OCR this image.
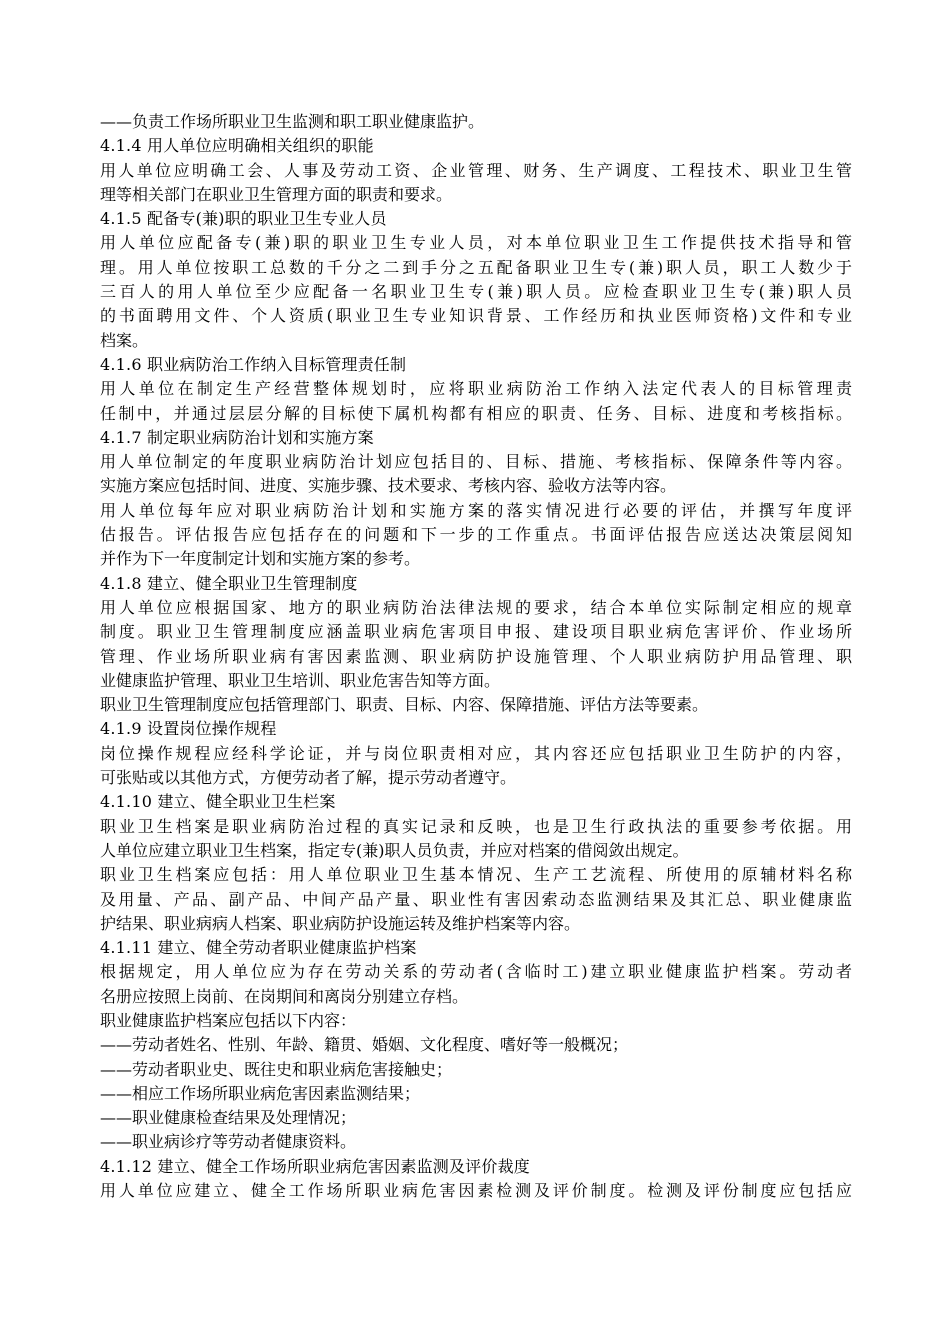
——负责工作场所职业卫生监测和职工职业健康监护。
4.1.4 用人单位应明确相关组织的职能
用人单位应明确工会、人事及劳动工资、企业管理、财务、生产调度、工程技术、职业卫生管
理等相关部门在职业卫生管理方面的职责和要求。
4.1.5 配备专(兼)职的职业卫生专业人员
用人单位应配备专(兼)职的职业卫生专业人员，对本单位职业卫生工作提供技术指导和管
理。用人单位按职工总数的千分之二到手分之五配备职业卫生专(兼)职人员，职工人数少于
三百人的用人单位至少应配备一名职业卫生专(兼)职人员。应检查职业卫生专(兼)职人员
的书面聘用文件、个人资质(职业卫生专业知识背景、工作经历和执业医师资格)文件和专业
档案。
4.1.6 职业病防治工作纳入目标管理责任制
用人单位在制定生产经营整体规划时，应将职业病防治工作纳入法定代表人的目标管理责
任制中，并通过层层分解的目标使下属机构都有相应的职责、任务、目标、进度和考核指标。
4.1.7 制定职业病防治计划和实施方案
用人单位制定的年度职业病防治计划应包括目的、目标、措施、考核指标、保障条件等内容。
实施方案应包括时间、进度、实施步骤、技术要求、考核内容、验收方法等内容。
用人单位每年应对职业病防治计划和实施方案的落实情况进行必要的评估，并撰写年度评
估报告。评估报告应包括存在的问题和下一步的工作重点。书面评估报告应送达决策层阅知
并作为下一年度制定计划和实施方案的参考。
4.1.8 建立、健全职业卫生管理制度
用人单位应根据国家、地方的职业病防治法律法规的要求，结合本单位实际制定相应的规章
制度。职业卫生管理制度应涵盖职业病危害项目申报、建设项目职业病危害评价、作业场所
管理、作业场所职业病有害因素监测、职业病防护设施管理、个人职业病防护用品管理、职
业健康监护管理、职业卫生培训、职业危害告知等方面。
职业卫生管理制度应包括管理部门、职责、目标、内容、保障措施、评估方法等要素。
4.1.9 设置岗位操作规程
岗位操作规程应经科学论证，并与岗位职责相对应，其内容还应包括职业卫生防护的内容，
可张贴或以其他方式，方便劳动者了解，提示劳动者遵守。
4.1.10 建立、健全职业卫生栏案
职业卫生档案是职业病防治过程的真实记录和反映，也是卫生行政执法的重要参考依据。用
人单位应建立职业卫生档案，指定专(兼)职人员负责，并应对档案的借阅敛出规定。
职业卫生档案应包括：用人单位职业卫生基本情况、生产工艺流程、所使用的原辅材料名称
及用量、产品、副产品、中间产品产量、职业性有害因索动态监测结果及其汇总、职业健康监
护结果、职业病病人档案、职业病防护设施运转及维护档案等内容。
4.1.11 建立、健全劳动者职业健康监护档案
根据规定，用人单位应为存在劳动关系的劳动者(含临时工)建立职业健康监护档案。劳动者
名册应按照上岗前、在岗期间和离岗分别建立存档。
职业健康监护档案应包括以下内容：
——劳动者姓名、性别、年龄、籍贯、婚姻、文化程度、嗜好等一般概况；
——劳动者职业史、既往史和职业病危害接触史；
——相应工作场所职业病危害因素监测结果；
——职业健康检查结果及处理情况；
——职业病诊疗等劳动者健康资料。
4.1.12 建立、健全工作场所职业病危害因素监测及评价裁度
用人单位应建立、健全工作场所职业病危害因素检测及评价制度。检测及评份制度应包括应
